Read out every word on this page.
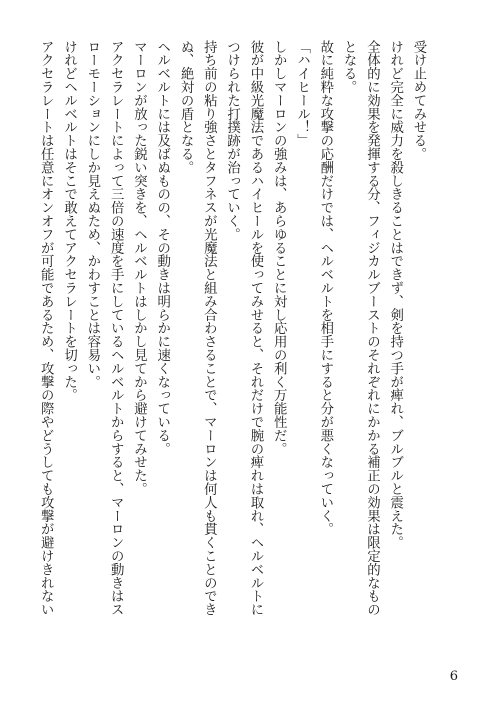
受け止めてみせる。
けれど完全に威力を殺しきることはできず、剣を持つ手が痺れ、ブルブルと震えた。
全体的に効果を発揮する分、フィジカルブーストのそれぞれにかかる補正の効果は限定的なもの
となる。
故に純粋な攻撃の応酬だけでは、ヘルベルトを相手にすると分が悪くなっていく。
「ハイヒール！」
しかしマーロンの強みは、あらゆることに対し応用の利く万能性だ。
彼が中級光魔法であるハイヒールを使ってみせると、それだけで腕の痺れは取れ、ヘルベルトに
つけられた打撲跡が治っていく。
持ち前の粘り強さとタフネスが光魔法と組み合わさることで、マーロンは何人も貫くことのでき
ぬ、絶対の盾となる。
ヘルベルトには及ばぬものの、その動きは明らかに速くなっている。
マーロンが放った鋭い突きを、ヘルベルトはしかし見てから避けてみせた。
アクセラレートによって三倍の速度を手にしているヘルベルトからすると、マーロンの動きはス
ローモーションにしか見えぬため、かわすことは容易い。
けれどヘルベルトはそこで敢えてアクセラレートを切った。
アクセラレートは任意にオンオフが可能であるため、攻撃の際やどうしても攻撃が避けきれない
6
